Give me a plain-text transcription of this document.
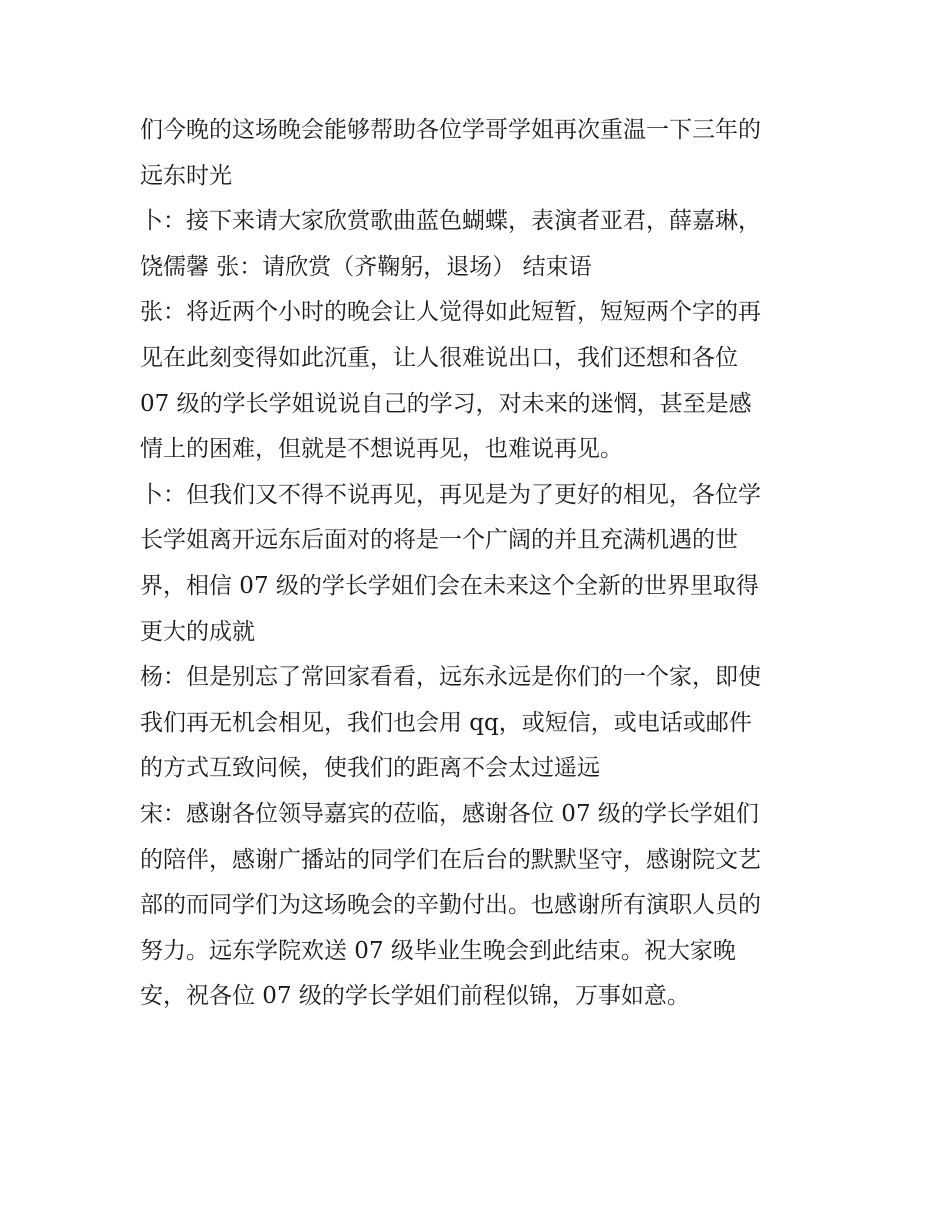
们今晚的这场晚会能够帮助各位学哥学姐再次重温一下三年的
远东时光
卜：接下来请大家欣赏歌曲蓝色蝴蝶，表演者亚君，薛嘉琳，
饶儒馨 张：请欣赏（齐鞠躬，退场） 结束语
张：将近两个小时的晚会让人觉得如此短暂，短短两个字的再
见在此刻变得如此沉重，让人很难说出口，我们还想和各位
07 级的学长学姐说说自己的学习，对未来的迷惘，甚至是感
情上的困难，但就是不想说再见，也难说再见。
卜：但我们又不得不说再见，再见是为了更好的相见，各位学
长学姐离开远东后面对的将是一个广阔的并且充满机遇的世
界，相信 07 级的学长学姐们会在未来这个全新的世界里取得
更大的成就
杨：但是别忘了常回家看看，远东永远是你们的一个家，即使
我们再无机会相见，我们也会用 qq，或短信，或电话或邮件
的方式互致问候，使我们的距离不会太过遥远
宋：感谢各位领导嘉宾的莅临，感谢各位 07 级的学长学姐们
的陪伴，感谢广播站的同学们在后台的默默坚守，感谢院文艺
部的而同学们为这场晚会的辛勤付出。也感谢所有演职人员的
努力。远东学院欢送 07 级毕业生晚会到此结束。祝大家晚
安，祝各位 07 级的学长学姐们前程似锦，万事如意。
